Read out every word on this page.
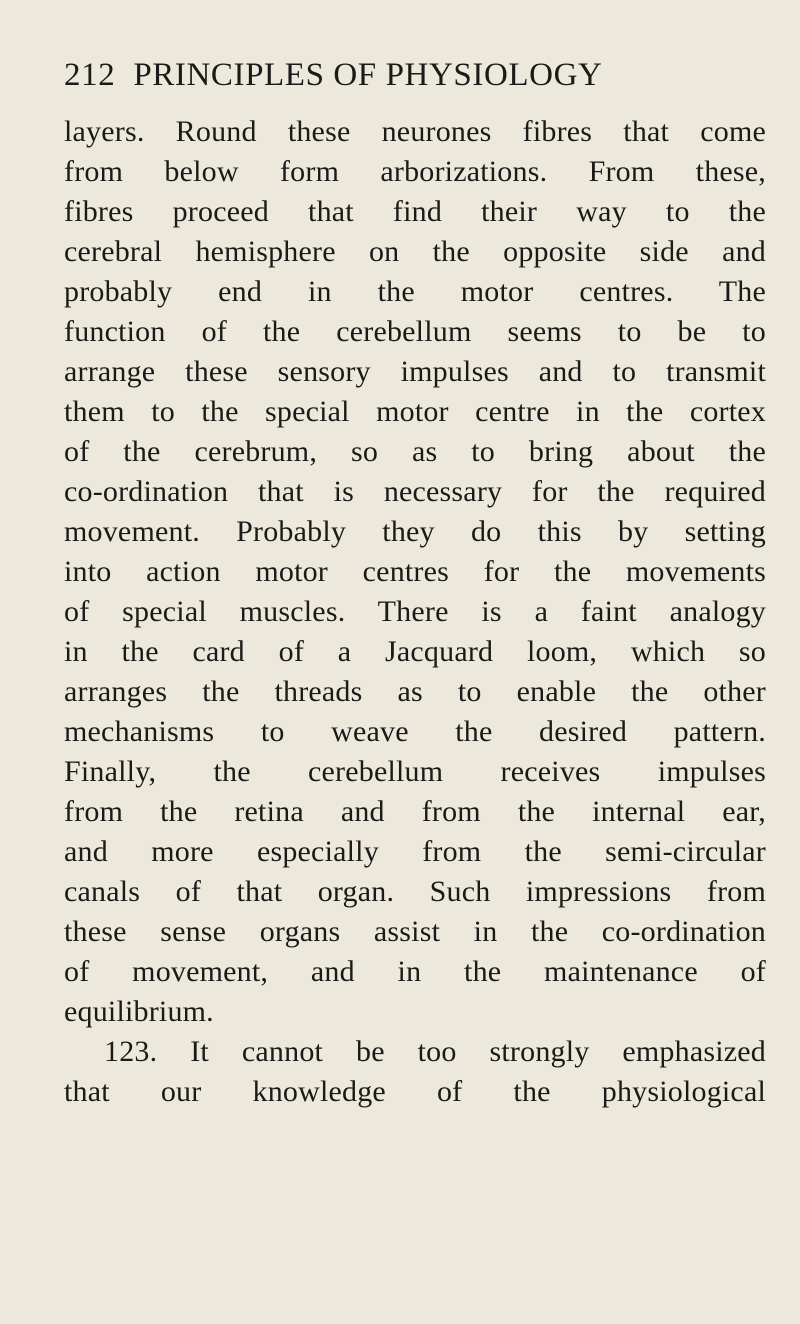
212 PRINCIPLES OF PHYSIOLOGY
layers. Round these neurones fibres that come
from below form arborizations. From these,
fibres proceed that find their way to the
cerebral hemisphere on the opposite side and
probably end in the motor centres. The
function of the cerebellum seems to be to
arrange these sensory impulses and to transmit
them to the special motor centre in the cortex
of the cerebrum, so as to bring about the
co-ordination that is necessary for the required
movement. Probably they do this by setting
into action motor centres for the movements
of special muscles. There is a faint analogy
in the card of a Jacquard loom, which so
arranges the threads as to enable the other
mechanisms to weave the desired pattern.
Finally, the cerebellum receives impulses
from the retina and from the internal ear,
and more especially from the semi-circular
canals of that organ. Such impressions from
these sense organs assist in the co-ordination
of movement, and in the maintenance of
equilibrium.
123. It cannot be too strongly emphasized
that our knowledge of the physiological
